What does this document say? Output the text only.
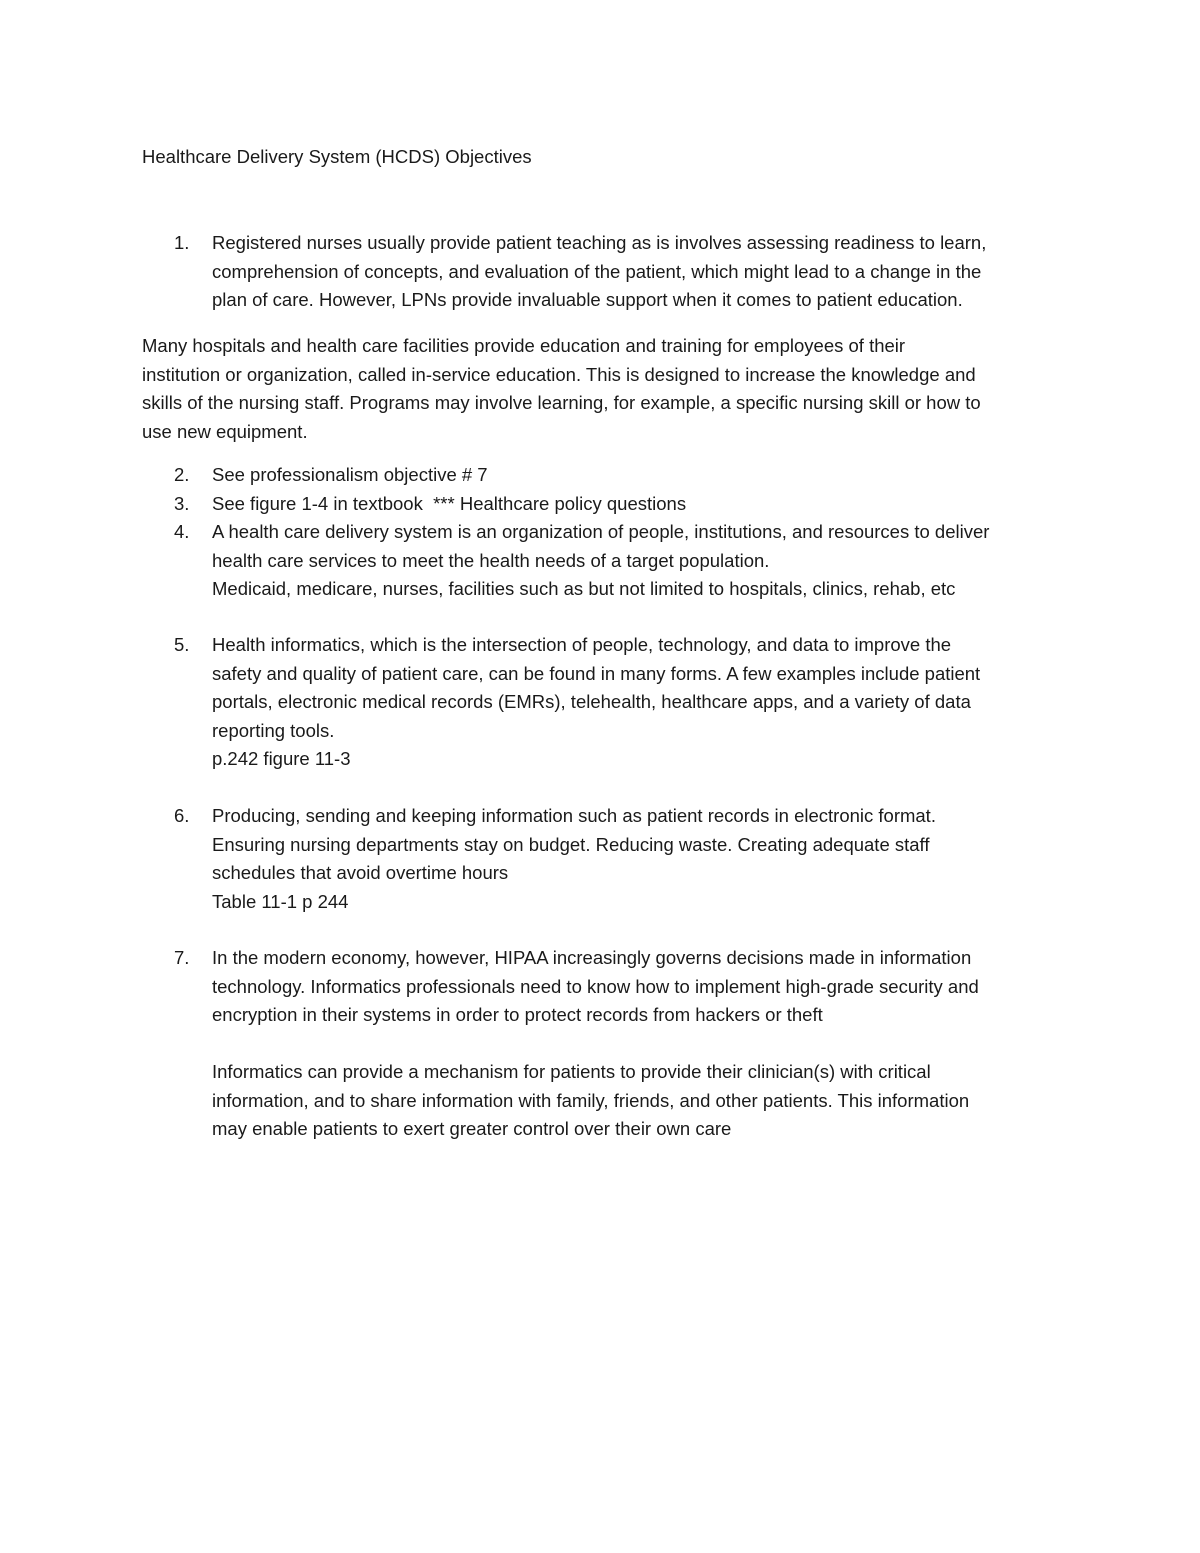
Healthcare Delivery System (HCDS) Objectives
1. Registered nurses usually provide patient teaching as is involves assessing readiness to learn,
comprehension of concepts, and evaluation of the patient, which might lead to a change in the
plan of care. However, LPNs provide invaluable support when it comes to patient education.
Many hospitals and health care facilities provide education and training for employees of their
institution or organization, called in-service education. This is designed to increase the knowledge and
skills of the nursing staff. Programs may involve learning, for example, a specific nursing skill or how to
use new equipment.
2. See professionalism objective # 7
3. See figure 1-4 in textbook  *** Healthcare policy questions
4. A health care delivery system is an organization of people, institutions, and resources to deliver
health care services to meet the health needs of a target population.
Medicaid, medicare, nurses, facilities such as but not limited to hospitals, clinics, rehab, etc
5. Health informatics, which is the intersection of people, technology, and data to improve the
safety and quality of patient care, can be found in many forms. A few examples include patient
portals, electronic medical records (EMRs), telehealth, healthcare apps, and a variety of data
reporting tools.
p.242 figure 11-3
6. Producing, sending and keeping information such as patient records in electronic format.
Ensuring nursing departments stay on budget. Reducing waste. Creating adequate staff
schedules that avoid overtime hours
Table 11-1 p 244
7. In the modern economy, however, HIPAA increasingly governs decisions made in information
technology. Informatics professionals need to know how to implement high-grade security and
encryption in their systems in order to protect records from hackers or theft
Informatics can provide a mechanism for patients to provide their clinician(s) with critical
information, and to share information with family, friends, and other patients. This information
may enable patients to exert greater control over their own care
